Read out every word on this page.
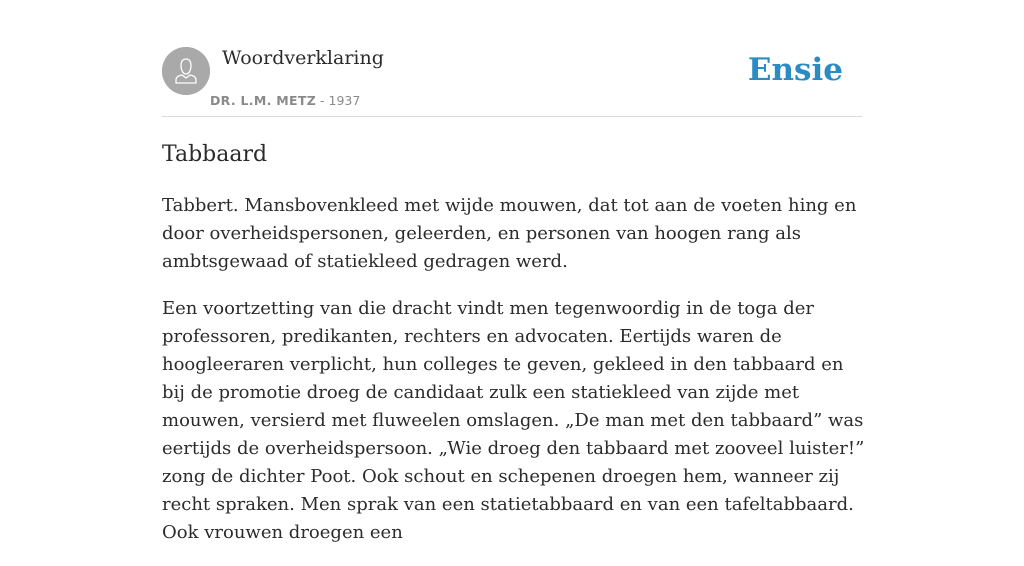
Woordverklaring
DR. L.M. METZ - 1937
Ensie
Tabbaard

Tabbert. Mansbovenkleed met wijde mouwen, dat tot aan de voeten hing en door overheidspersonen, geleerden, en personen van hoogen rang als ambtsgewaad of statiekleed gedragen werd.

Een voortzetting van die dracht vindt men tegenwoordig in de toga der professoren, predikanten, rechters en advocaten. Eertijds waren de hoogleeraren verplicht, hun colleges te geven, gekleed in den tabbaard en bij de promotie droeg de candidaat zulk een statiekleed van zijde met mouwen, versierd met fluweelen omslagen. „De man met den tabbaard” was eertijds de overheidspersoon. „Wie droeg den tabbaard met zooveel luister!” zong de dichter Poot. Ook schout en schepenen droegen hem, wanneer zij recht spraken. Men sprak van een statietabbaard en van een tafeltabbaard. Ook vrouwen droegen een
